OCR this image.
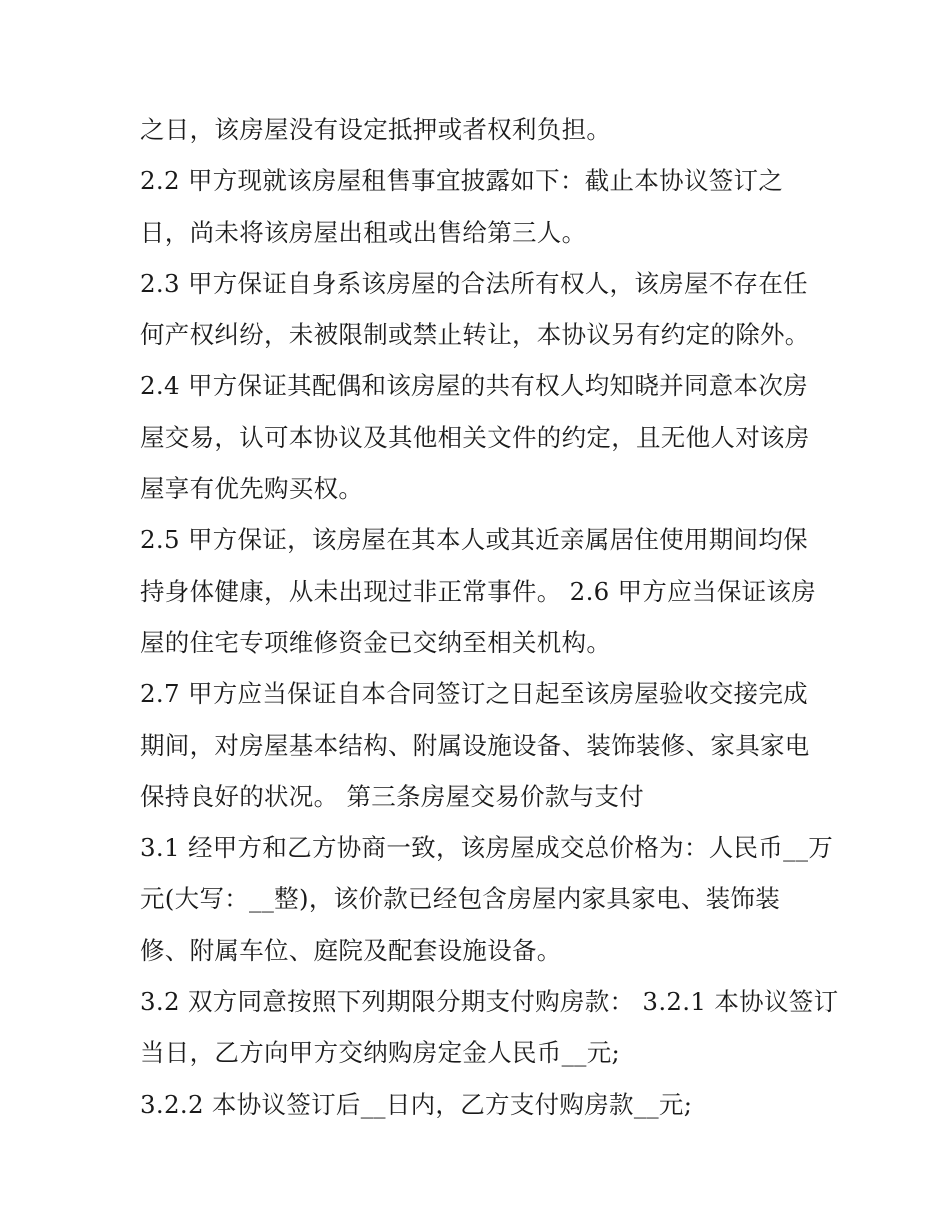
之日，该房屋没有设定抵押或者权利负担。
2.2 甲方现就该房屋租售事宜披露如下：截止本协议签订之
日，尚未将该房屋出租或出售给第三人。
2.3 甲方保证自身系该房屋的合法所有权人，该房屋不存在任
何产权纠纷，未被限制或禁止转让，本协议另有约定的除外。
2.4 甲方保证其配偶和该房屋的共有权人均知晓并同意本次房
屋交易，认可本协议及其他相关文件的约定，且无他人对该房
屋享有优先购买权。
2.5 甲方保证，该房屋在其本人或其近亲属居住使用期间均保
持身体健康，从未出现过非正常事件。 2.6 甲方应当保证该房
屋的住宅专项维修资金已交纳至相关机构。
2.7 甲方应当保证自本合同签订之日起至该房屋验收交接完成
期间，对房屋基本结构、附属设施设备、装饰装修、家具家电
保持良好的状况。 第三条房屋交易价款与支付
3.1 经甲方和乙方协商一致，该房屋成交总价格为：人民币__万
元(大写：__整)，该价款已经包含房屋内家具家电、装饰装
修、附属车位、庭院及配套设施设备。
3.2 双方同意按照下列期限分期支付购房款： 3.2.1 本协议签订
当日，乙方向甲方交纳购房定金人民币__元;
3.2.2 本协议签订后__日内，乙方支付购房款__元;
